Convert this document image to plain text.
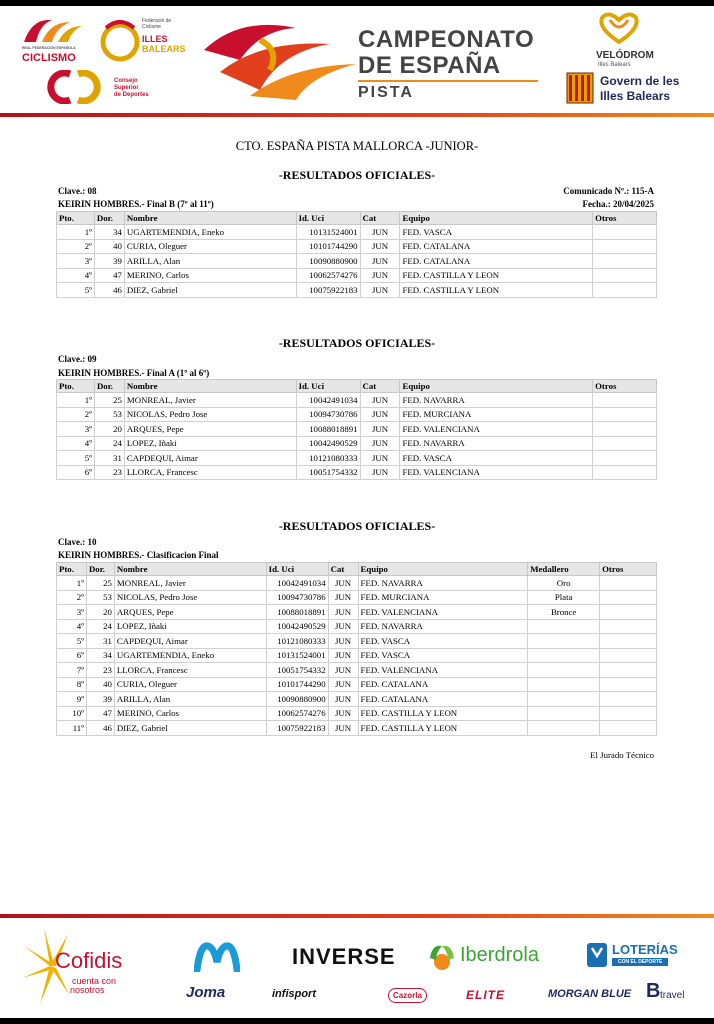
REAL FEDERACIÓN ESPAÑOLA
CICLISMO
Federació de Ciclisme
ILLES
BALEARS
Consejo
Superior
de Deportes
CAMPEONATO
DE ESPAÑA
PISTA
VELÓDROM
Illes Balears
Govern de les
Illes Balears
CTO. ESPAÑA PISTA MALLORCA -JUNIOR-
-RESULTADOS OFICIALES-
Clave.: 08	Comunicado Nº.: 115-A
KEIRIN HOMBRES.- Final B (7º al 11º)	Fecha.: 20/04/2025
Pto.	Dor.	Nombre	Id. Uci	Cat	Equipo	Otros
1º	34	UGARTEMENDIA, Eneko	10131524001	JUN	FED. VASCA	
2º	40	CURIA, Oleguer	10101744290	JUN	FED. CATALANA	
3º	39	ARILLA, Alan	10090880900	JUN	FED. CATALANA	
4º	47	MERINO, Carlos	10062574276	JUN	FED. CASTILLA Y LEON	
5º	46	DIEZ, Gabriel	10075922183	JUN	FED. CASTILLA Y LEON	
-RESULTADOS OFICIALES-
Clave.: 09
KEIRIN HOMBRES.- Final A (1º al 6º)
Pto.	Dor.	Nombre	Id. Uci	Cat	Equipo	Otros
1º	25	MONREAL, Javier	10042491034	JUN	FED. NAVARRA	
2º	53	NICOLAS, Pedro Jose	10094730786	JUN	FED. MURCIANA	
3º	20	ARQUES, Pepe	10088018891	JUN	FED. VALENCIANA	
4º	24	LOPEZ, Iñaki	10042490529	JUN	FED. NAVARRA	
5º	31	CAPDEQUI, Aimar	10121080333	JUN	FED. VASCA	
6º	23	LLORCA, Francesc	10051754332	JUN	FED. VALENCIANA	
-RESULTADOS OFICIALES-
Clave.: 10
KEIRIN HOMBRES.- Clasificacion Final
Pto.	Dor.	Nombre	Id. Uci	Cat	Equipo	Medallero	Otros
1º	25	MONREAL, Javier	10042491034	JUN	FED. NAVARRA	Oro	
2º	53	NICOLAS, Pedro Jose	10094730786	JUN	FED. MURCIANA	Plata	
3º	20	ARQUES, Pepe	10088018891	JUN	FED. VALENCIANA	Bronce	
4º	24	LOPEZ, Iñaki	10042490529	JUN	FED. NAVARRA		
5º	31	CAPDEQUI, Aimar	10121080333	JUN	FED. VASCA		
6º	34	UGARTEMENDIA, Eneko	10131524001	JUN	FED. VASCA		
7º	23	LLORCA, Francesc	10051754332	JUN	FED. VALENCIANA		
8º	40	CURIA, Oleguer	10101744290	JUN	FED. CATALANA		
9º	39	ARILLA, Alan	10090880900	JUN	FED. CATALANA		
10º	47	MERINO, Carlos	10062574276	JUN	FED. CASTILLA Y LEON		
11º	46	DIEZ, Gabriel	10075922183	JUN	FED. CASTILLA Y LEON		
El Jurado Técnico
Cofidis
cuenta con
nosotros	Joma
INVERSE
infisport
Iberdrola
Cazorla	ELITE
LOTERÍAS
CON EL DEPORTE
MORGAN BLUE B travel
